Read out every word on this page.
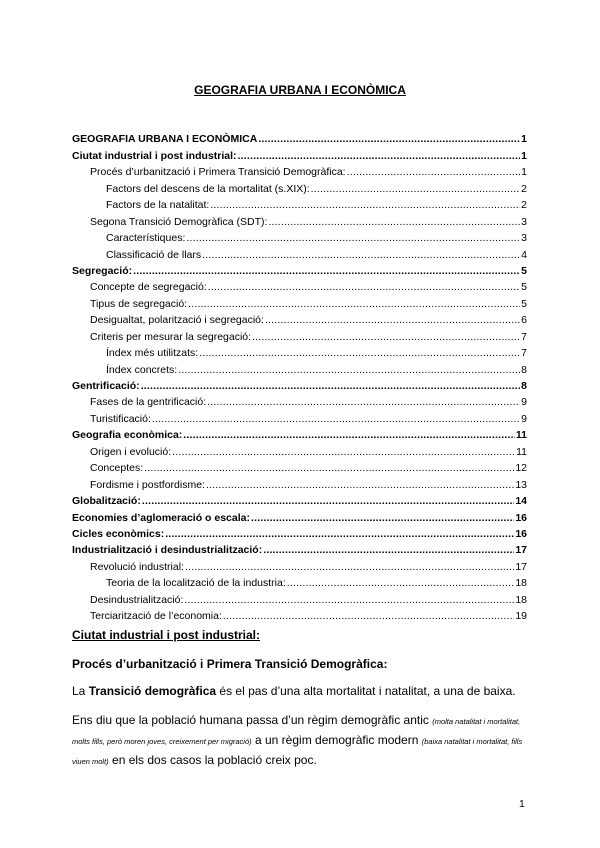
GEOGRAFIA URBANA I ECONÒMICA
GEOGRAFIA URBANA I ECONÒMICA .....	1
Ciutat industrial i post industrial: .....	1
Procés d’urbanització i Primera Transició Demogràfica: .....	1
Factors del descens de la mortalitat (s.XIX): .....	2
Factors de la natalitat: .....	2
Segona Transició Demogràfica (SDT): .....	3
Característiques: .....	3
Classificació de llars .....	4
Segregació: .....	5
Concepte de segregació: .....	5
Tipus de segregació: .....	5
Desigualtat, polarització i segregació: .....	6
Criteris per mesurar la segregació: .....	7
Índex més utilitzats: .....	7
Índex concrets: .....	8
Gentrificació: .....	8
Fases de la gentrificació: .....	9
Turistificació: .....	9
Geografia econòmica: .....	11
Origen i evolució: .....	11
Conceptes: .....	12
Fordisme i postfordisme: .....	13
Globalització: .....	14
Economies d’aglomeració o escala: .....	16
Cicles econòmics: .....	16
Industrialització i desindustrialització: .....	17
Revolució industrial: .....	17
Teoria de la localització de la industria: .....	18
Desindustrialització: .....	18
Terciarització de l’economia: .....	19
Ciutat industrial i post industrial:
Procés d’urbanització i Primera Transició Demogràfica:
La Transició demogràfica és el pas d’una alta mortalitat i natalitat, a una de baixa.
Ens diu que la població humana passa d’un règim demogràfic antic (molta natalitat i mortalitat, molts fills, però moren joves, creixement per migració) a un règim demogràfic modern (baixa natalitat i mortalitat, fills viuen molt) en els dos casos la població creix poc.
1
